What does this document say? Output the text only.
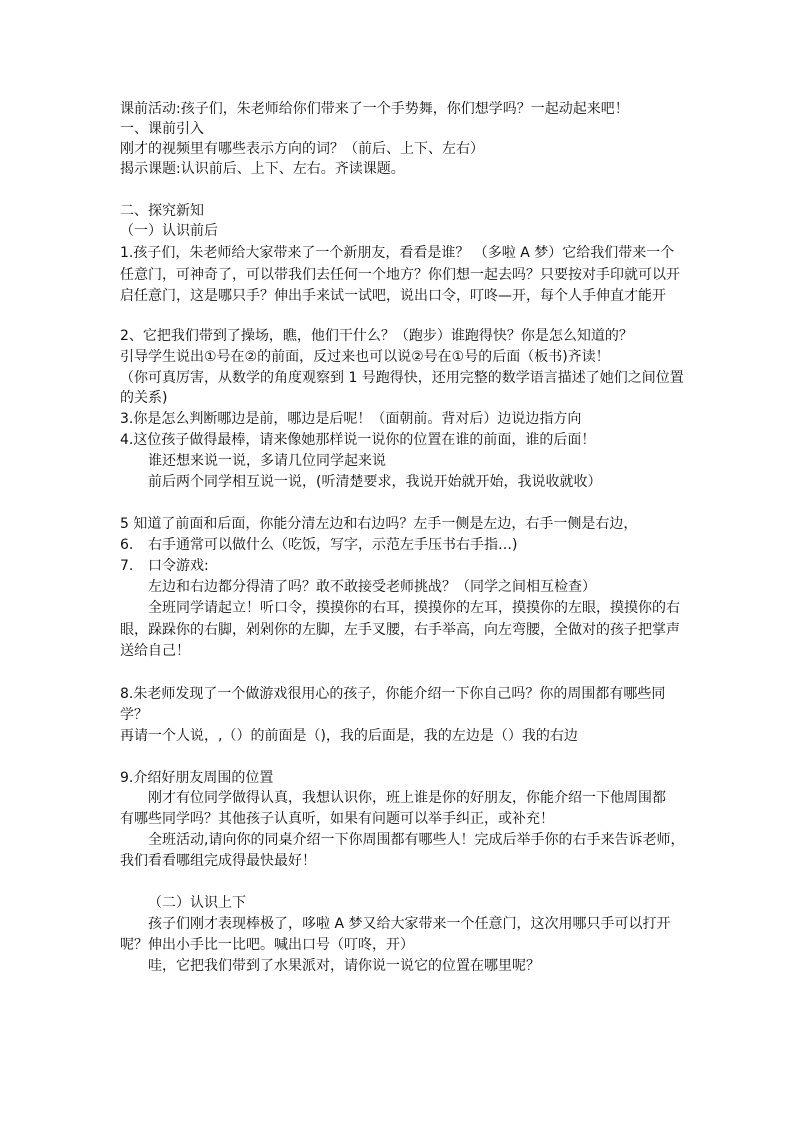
课前活动:孩子们，朱老师给你们带来了一个手势舞，你们想学吗？一起动起来吧！
一、课前引入
刚才的视频里有哪些表示方向的词？（前后、上下、左右）
揭示课题:认识前后、上下、左右。齐读课题。
二、探究新知
（一）认识前后
1.孩子们，朱老师给大家带来了一个新朋友，看看是谁？ （多啦 A 梦）它给我们带来一个
任意门，可神奇了，可以带我们去任何一个地方？你们想一起去吗？只要按对手印就可以开
启任意门，这是哪只手？伸出手来试一试吧，说出口令，叮咚—开，每个人手伸直才能开
2、它把我们带到了操场，瞧，他们干什么？（跑步）谁跑得快？你是怎么知道的？
引导学生说出①号在②的前面，反过来也可以说②号在①号的后面（板书)齐读！
（你可真厉害，从数学的角度观察到 1 号跑得快，还用完整的数学语言描述了她们之间位置
的关系)
3.你是怎么判断哪边是前，哪边是后呢！（面朝前。背对后）边说边指方向
4.这位孩子做得最棒，请来像她那样说一说你的位置在谁的前面，谁的后面！
谁还想来说一说，多请几位同学起来说
前后两个同学相互说一说，(听清楚要求，我说开始就开始，我说收就收）
5 知道了前面和后面，你能分清左边和右边吗？左手一侧是左边，右手一侧是右边，
6. 右手通常可以做什么（吃饭，写字，示范左手压书右手指…)
7. 口令游戏:
左边和右边都分得清了吗？敢不敢接受老师挑战？（同学之间相互检查）
全班同学请起立！听口令，摸摸你的右耳，摸摸你的左耳，摸摸你的左眼，摸摸你的右
眼，跺跺你的右脚，剁剁你的左脚，左手叉腰，右手举高，向左弯腰，全做对的孩子把掌声
送给自己！
8.朱老师发现了一个做游戏很用心的孩子，你能介绍一下你自己吗？你的周围都有哪些同
学？
再请一个人说，,（）的前面是（)，我的后面是，我的左边是（）我的右边
9.介绍好朋友周围的位置
刚才有位同学做得认真，我想认识你，班上谁是你的好朋友，你能介绍一下他周围都
有哪些同学吗？其他孩子认真听，如果有问题可以举手纠正，或补充！
全班活动,请向你的同桌介绍一下你周围都有哪些人！完成后举手你的右手来告诉老师，
我们看看哪组完成得最快最好！
（二）认识上下
孩子们刚才表现棒极了，哆啦 A 梦又给大家带来一个任意门，这次用哪只手可以打开
呢？伸出小手比一比吧。喊出口号（叮咚，开）
哇，它把我们带到了水果派对，请你说一说它的位置在哪里呢？
